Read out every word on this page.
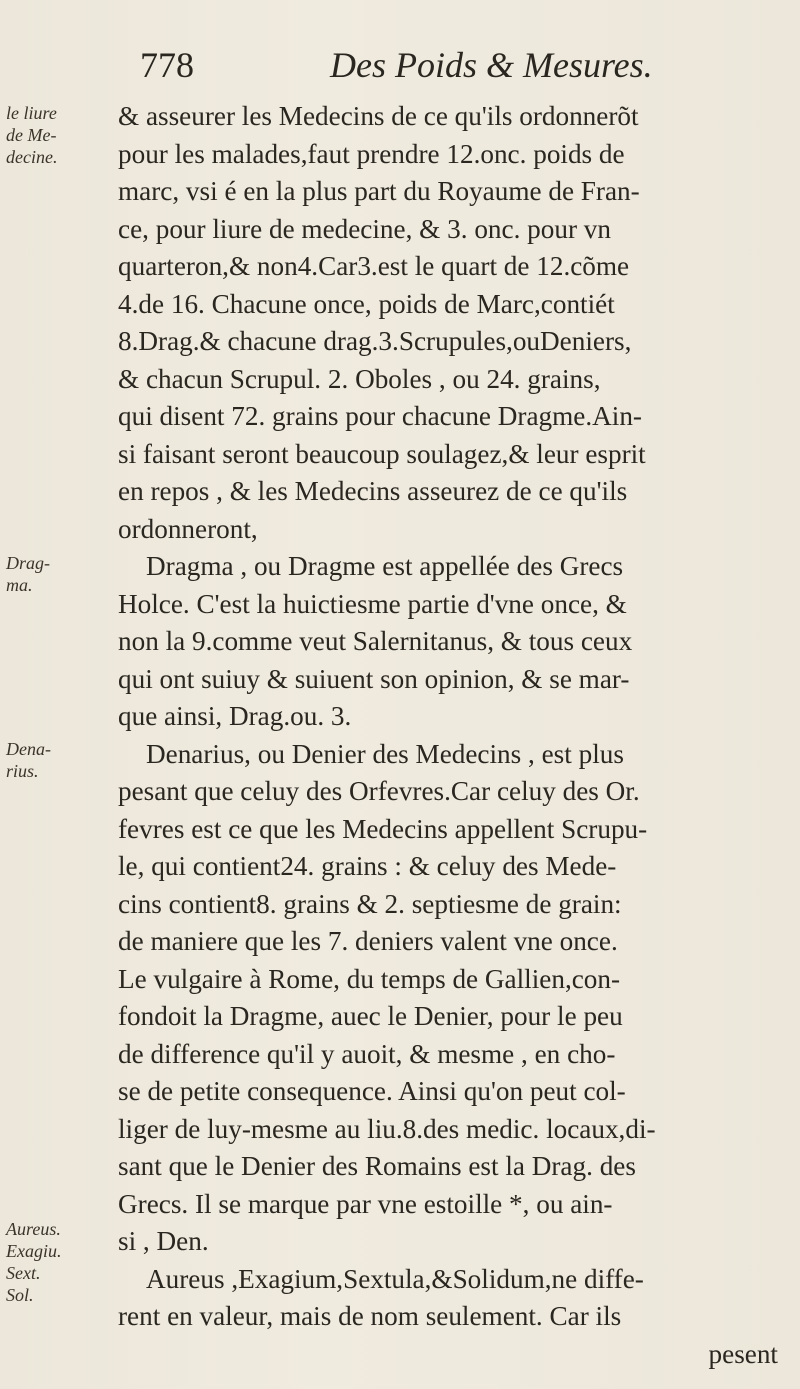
778	Des Poids & Mesures.
le liure
de Me-
decine.
Drag-
ma.
Dena-
rius.
Aureus.
Exagiu.
Sext.
Sol.
& asseurer les Medecins de ce qu'ils ordonnerõt
pour les malades,faut prendre 12.onc. poids de
marc, vsi é en la plus part du Royaume de Fran-
ce, pour liure de medecine, & 3. onc. pour vn
quarteron,& non4.Car3.est le quart de 12.cõme
4.de 16. Chacune once, poids de Marc,contiét
8.Drag.& chacune drag.3.Scrupules,ouDeniers,
& chacun Scrupul. 2. Oboles , ou 24. grains,
qui disent 72. grains pour chacune Dragme.Ain-
si faisant seront beaucoup soulagez,& leur esprit
en repos , & les Medecins asseurez de ce qu'ils
ordonneront,
Dragma , ou Dragme est appellée des Grecs
Holce. C'est la huictiesme partie d'vne once, &
non la 9.comme veut Salernitanus, & tous ceux
qui ont suiuy & suiuent son opinion, & se mar-
que ainsi, Drag.ou. 3.
Denarius, ou Denier des Medecins , est plus
pesant que celuy des Orfevres.Car celuy des Or.
fevres est ce que les Medecins appellent Scrupu-
le, qui contient24. grains : & celuy des Mede-
cins contient8. grains & 2. septiesme de grain:
de maniere que les 7. deniers valent vne once.
Le vulgaire à Rome, du temps de Gallien,con-
fondoit la Dragme, auec le Denier, pour le peu
de difference qu'il y auoit, & mesme , en cho-
se de petite consequence. Ainsi qu'on peut col-
liger de luy-mesme au liu.8.des medic. locaux,di-
sant que le Denier des Romains est la Drag. des
Grecs. Il se marque par vne estoille *, ou ain-
si , Den.
Aureus ,Exagium,Sextula,&Solidum,ne diffe-
rent en valeur, mais de nom seulement. Car ils
pesent
